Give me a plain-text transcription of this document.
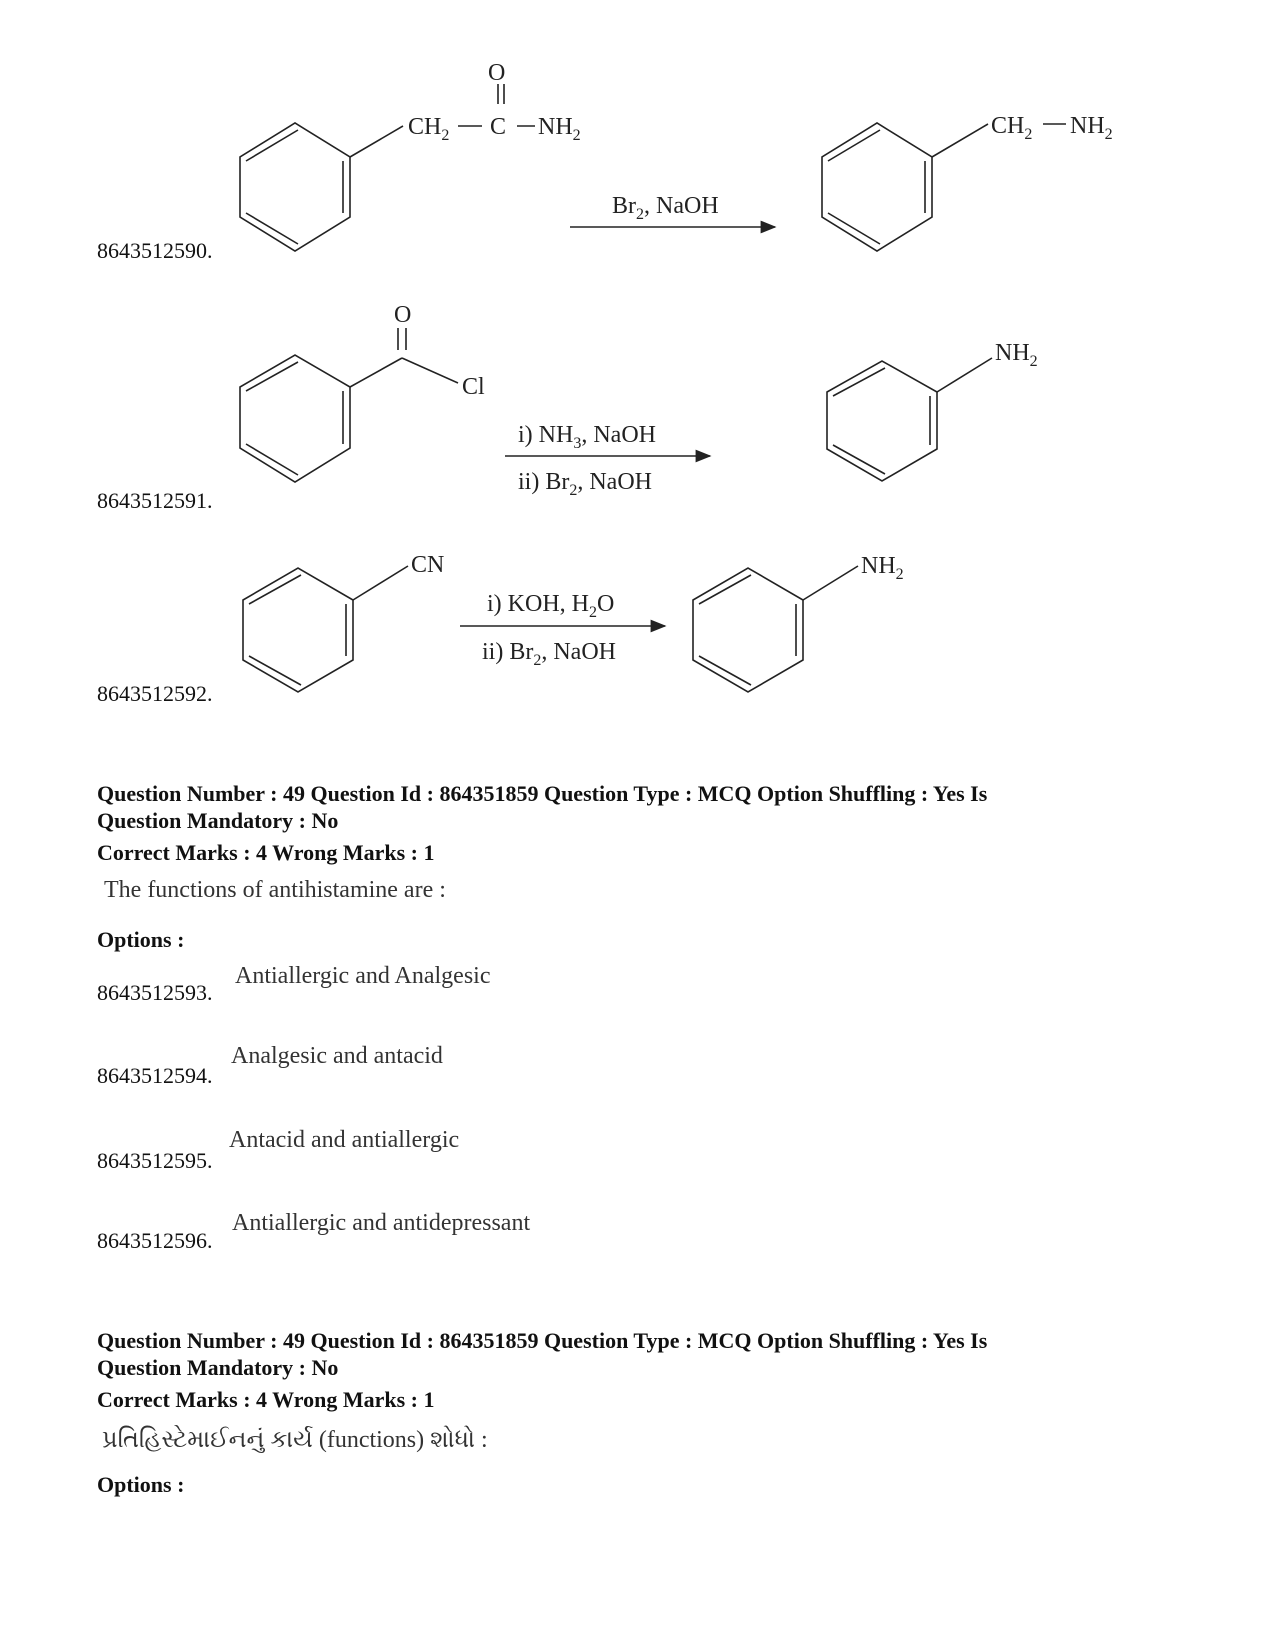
8643512590.
8643512591.
8643512592.
O
$CH_2$ C $NH_2$
$Br_2$, NaOH
$CH_2$ $NH_2$
O
Cl
i) $NH_3$, NaOH
ii) $Br_2$, NaOH
$NH_2$
CN
i) KOH, $H_2O$
ii) $Br_2$, NaOH
$NH_2$
Question Number : 49 Question Id : 864351859 Question Type : MCQ Option Shuffling : Yes Is
Question Mandatory : No
Correct Marks : 4 Wrong Marks : 1
The functions of antihistamine are :
Options :
8643512593.
Antiallergic and Analgesic
8643512594.
Analgesic and antacid
8643512595.
Antacid and antiallergic
8643512596.
Antiallergic and antidepressant
Question Number : 49 Question Id : 864351859 Question Type : MCQ Option Shuffling : Yes Is
Question Mandatory : No
Correct Marks : 4 Wrong Marks : 1
પ્રતિહિસ્ટેમાઈનનું કાર્ય (functions) શોધો :
Options :
